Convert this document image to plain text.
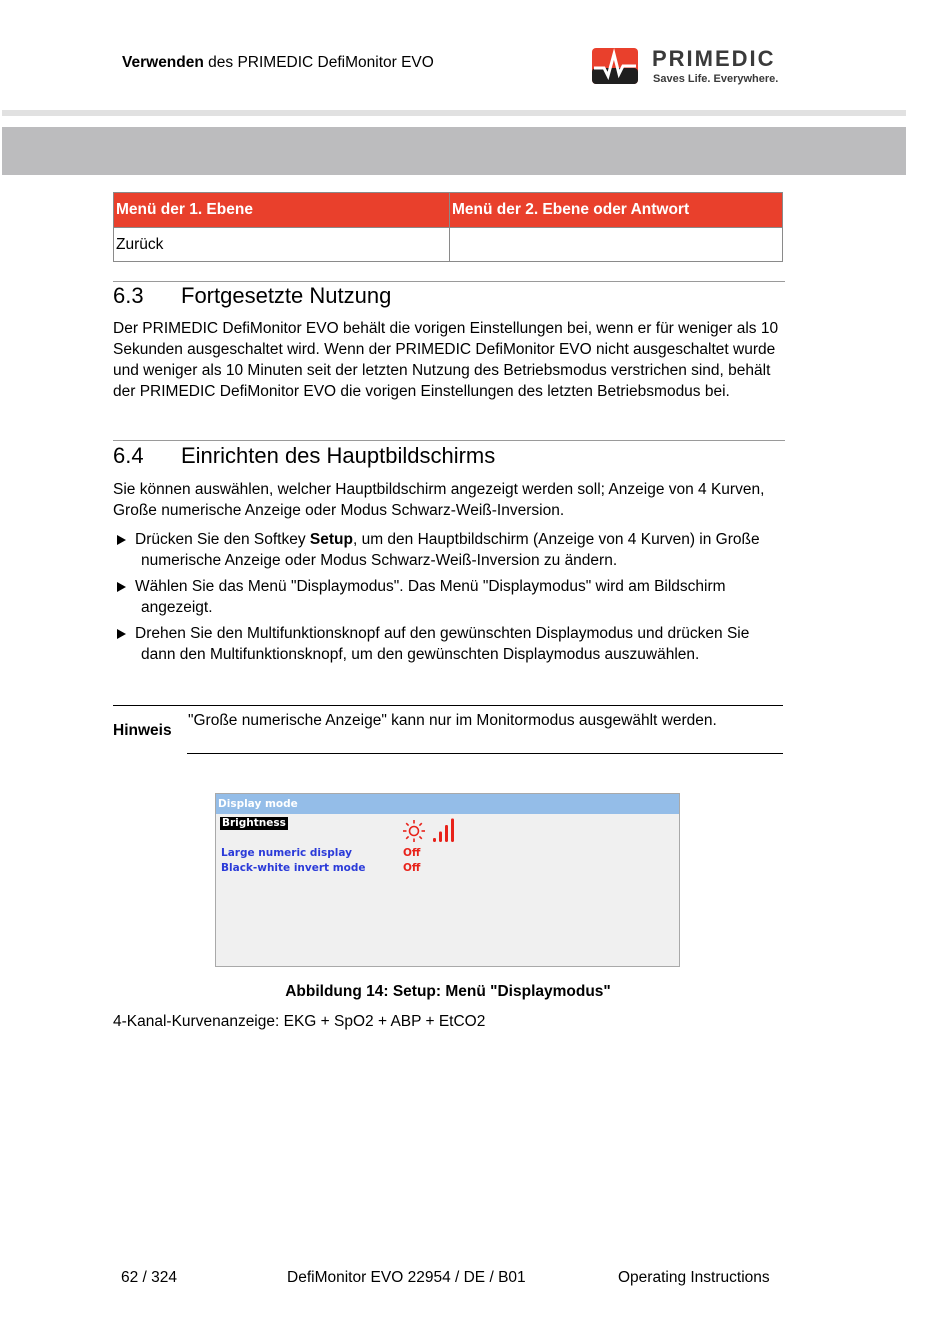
Verwenden des PRIMEDIC DefiMonitor EVO	PRIMEDIC
Saves Life. Everywhere.
Menü der 1. Ebene	Menü der 2. Ebene oder Antwort
Zurück	
6.3 Fortgesetzte Nutzung
Der PRIMEDIC DefiMonitor EVO behält die vorigen Einstellungen bei, wenn er für weniger als 10 Sekunden ausgeschaltet wird. Wenn der PRIMEDIC DefiMonitor EVO nicht ausgeschaltet wurde und weniger als 10 Minuten seit der letzten Nutzung des Betriebsmodus verstrichen sind, behält der PRIMEDIC DefiMonitor EVO die vorigen Einstellungen des letzten Betriebsmodus bei.
6.4 Einrichten des Hauptbildschirms
Sie können auswählen, welcher Hauptbildschirm angezeigt werden soll; Anzeige von 4 Kurven, Große numerische Anzeige oder Modus Schwarz-Weiß-Inversion.
Drücken Sie den Softkey Setup, um den Hauptbildschirm (Anzeige von 4 Kurven) in Große numerische Anzeige oder Modus Schwarz-Weiß-Inversion zu ändern.
Wählen Sie das Menü "Displaymodus". Das Menü "Displaymodus" wird am Bildschirm angezeigt.
Drehen Sie den Multifunktionsknopf auf den gewünschten Displaymodus und drücken Sie dann den Multifunktionsknopf, um den gewünschten Displaymodus auszuwählen.
Hinweis
"Große numerische Anzeige" kann nur im Monitormodus ausgewählt werden.
Display mode
Brightness
Large numeric display	Off
Black-white invert mode	Off
Abbildung 14: Setup: Menü "Displaymodus"
4-Kanal-Kurvenanzeige: EKG + SpO2 + ABP + EtCO2
62 / 324	DefiMonitor EVO 22954 / DE / B01	Operating Instructions
